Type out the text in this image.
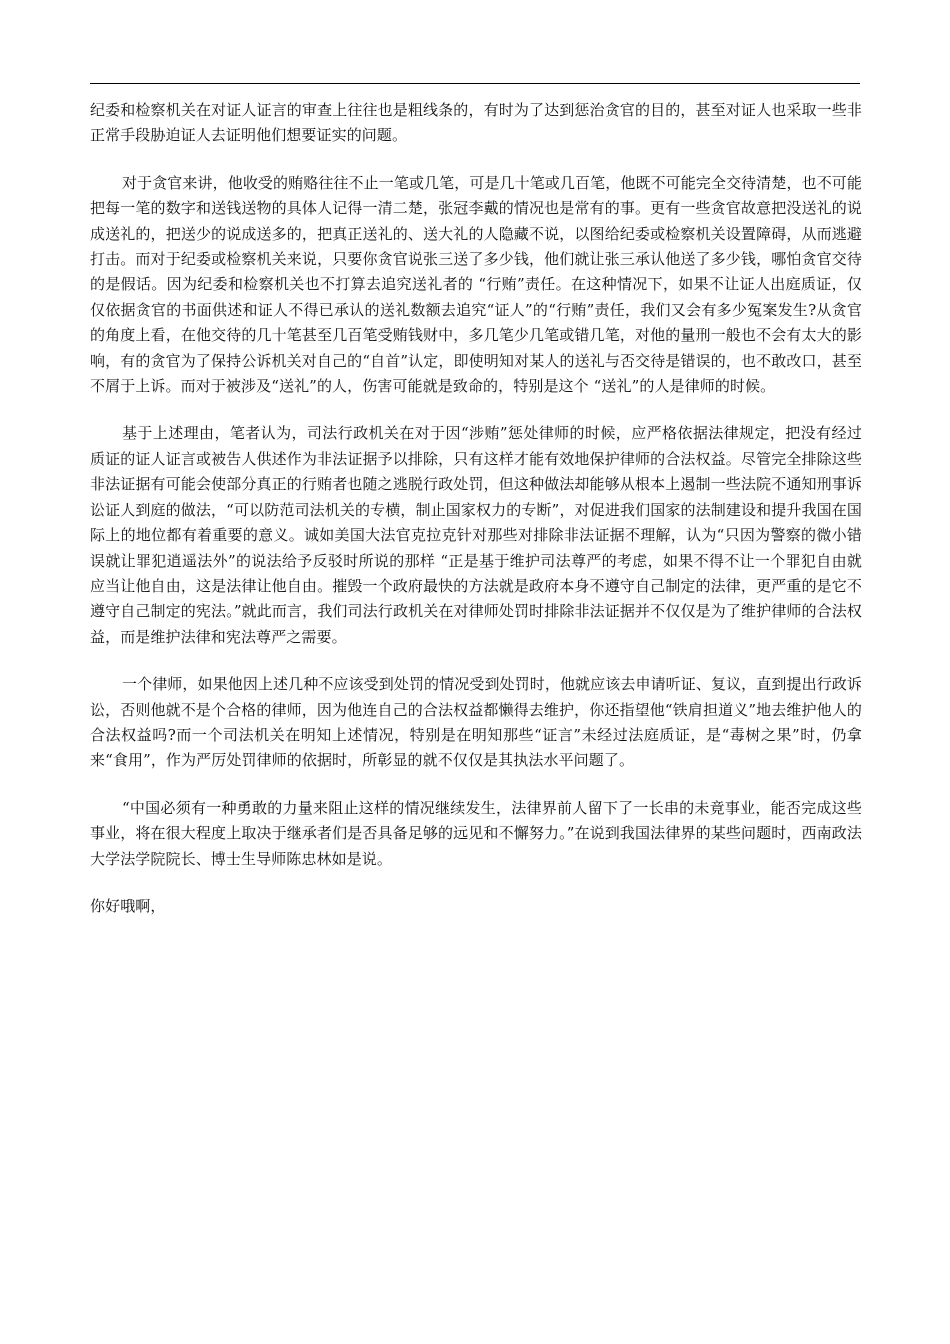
纪委和检察机关在对证人证言的审查上往往也是粗线条的，有时为了达到惩治贪官的目的，甚至对证人也采取一些非正常手段胁迫证人去证明他们想要证实的问题。

对于贪官来讲，他收受的贿赂往往不止一笔或几笔，可是几十笔或几百笔，他既不可能完全交待清楚，也不可能把每一笔的数字和送钱送物的具体人记得一清二楚，张冠李戴的情况也是常有的事。更有一些贪官故意把没送礼的说成送礼的，把送少的说成送多的，把真正送礼的、送大礼的人隐藏不说，以图给纪委或检察机关设置障碍，从而逃避打击。而对于纪委或检察机关来说，只要你贪官说张三送了多少钱，他们就让张三承认他送了多少钱，哪怕贪官交待的是假话。因为纪委和检察机关也不打算去追究送礼者的 “行贿”责任。在这种情况下，如果不让证人出庭质证，仅仅依据贪官的书面供述和证人不得已承认的送礼数额去追究“证人”的“行贿”责任，我们又会有多少冤案发生?从贪官的角度上看，在他交待的几十笔甚至几百笔受贿钱财中，多几笔少几笔或错几笔，对他的量刑一般也不会有太大的影响，有的贪官为了保持公诉机关对自己的“自首”认定，即使明知对某人的送礼与否交待是错误的，也不敢改口，甚至不屑于上诉。而对于被涉及“送礼”的人，伤害可能就是致命的，特别是这个 “送礼”的人是律师的时候。

基于上述理由，笔者认为，司法行政机关在对于因“涉贿”惩处律师的时候，应严格依据法律规定，把没有经过质证的证人证言或被告人供述作为非法证据予以排除，只有这样才能有效地保护律师的合法权益。尽管完全排除这些非法证据有可能会使部分真正的行贿者也随之逃脱行政处罚，但这种做法却能够从根本上遏制一些法院不通知刑事诉讼证人到庭的做法，“可以防范司法机关的专横，制止国家权力的专断”，对促进我们国家的法制建设和提升我国在国际上的地位都有着重要的意义。诚如美国大法官克拉克针对那些对排除非法证据不理解，认为“只因为警察的微小错误就让罪犯逍遥法外”的说法给予反驳时所说的那样 “正是基于维护司法尊严的考虑，如果不得不让一个罪犯自由就应当让他自由，这是法律让他自由。摧毁一个政府最快的方法就是政府本身不遵守自己制定的法律，更严重的是它不遵守自己制定的宪法。”就此而言，我们司法行政机关在对律师处罚时排除非法证据并不仅仅是为了维护律师的合法权益，而是维护法律和宪法尊严之需要。

一个律师，如果他因上述几种不应该受到处罚的情况受到处罚时，他就应该去申请听证、复议，直到提出行政诉讼，否则他就不是个合格的律师，因为他连自己的合法权益都懒得去维护，你还指望他“铁肩担道义”地去维护他人的合法权益吗?而一个司法机关在明知上述情况，特别是在明知那些“证言”未经过法庭质证，是“毒树之果”时，仍拿来“食用”，作为严厉处罚律师的依据时，所彰显的就不仅仅是其执法水平问题了。

“中国必须有一种勇敢的力量来阻止这样的情况继续发生，法律界前人留下了一长串的未竟事业，能否完成这些事业，将在很大程度上取决于继承者们是否具备足够的远见和不懈努力。”在说到我国法律界的某些问题时，西南政法大学法学院院长、博士生导师陈忠林如是说。

你好哦啊，
